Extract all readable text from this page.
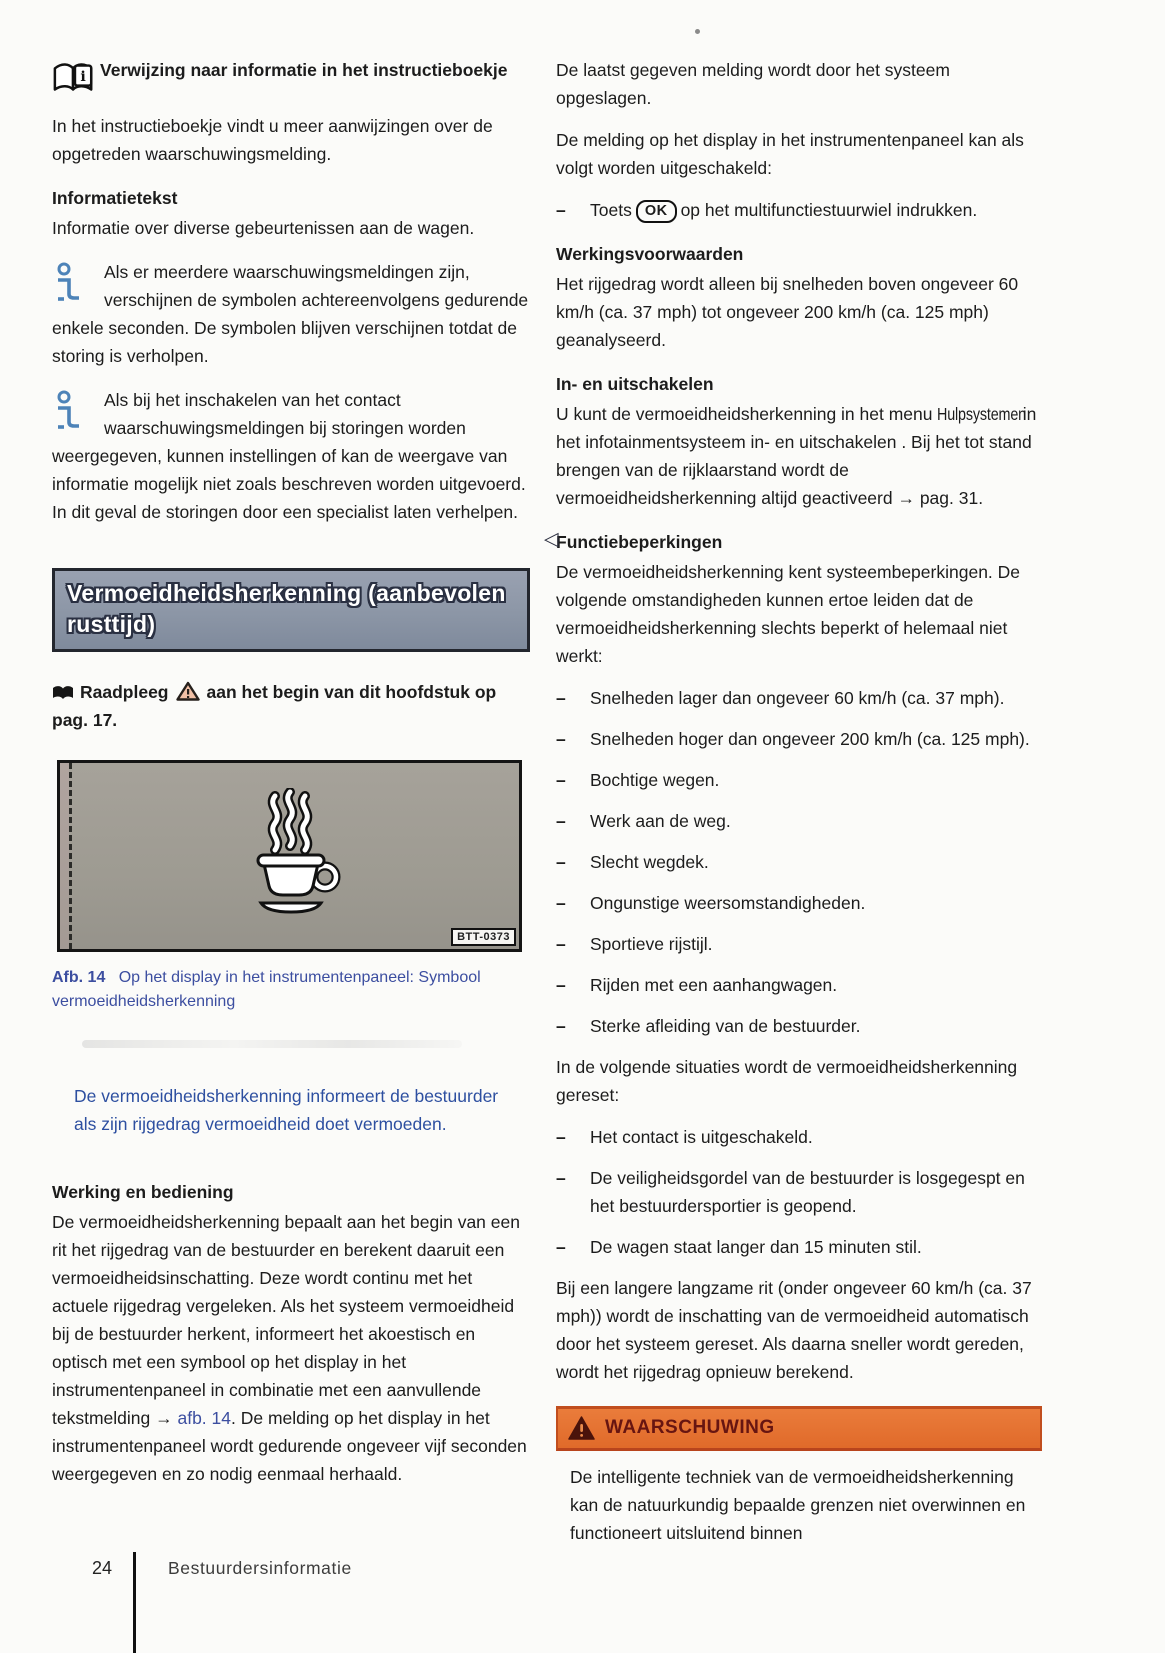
i Verwijzing naar informatie in het instructieboekje

In het instructieboekje vindt u meer aanwijzingen over de opgetreden waarschuwingsmelding.

Informatietekst

Informatie over diverse gebeurtenissen aan de wagen.

Als er meerdere waarschuwingsmeldingen zijn, verschijnen de symbolen achtereenvolgens gedurende enkele seconden. De symbolen blijven verschijnen totdat de storing is verholpen.
Als bij het inschakelen van het contact waarschuwingsmeldingen bij storingen worden weergegeven, kunnen instellingen of kan de weergave van informatie mogelijk niet zoals beschreven worden uitgevoerd. In dit geval de storingen door een specialist laten verhelpen.
Vermoeidheidsherkenning (aanbevolen rusttijd)
Raadpleeg aan het begin van dit hoofdstuk op pag. 17.
BTT-0373
Afb. 14 Op het display in het instrumentenpaneel: Symbool vermoeidheidsherkenning
De vermoeidheidsherkenning informeert de bestuurder als zijn rijgedrag vermoeidheid doet vermoeden.
Werking en bediening

De vermoeidheidsherkenning bepaalt aan het begin van een rit het rijgedrag van de bestuurder en berekent daaruit een vermoeidheidsinschatting. Deze wordt continu met het actuele rijgedrag vergeleken. Als het systeem vermoeidheid bij de bestuurder herkent, informeert het akoestisch en optisch met een symbool op het display in het instrumentenpaneel in combinatie met een aanvullende tekstmelding → afb. 14. De melding op het display in het instrumentenpaneel wordt gedurende ongeveer vijf seconden weergegeven en zo nodig eenmaal herhaald.

De laatst gegeven melding wordt door het systeem opgeslagen.

De melding op het display in het instrumentenpaneel kan als volgt worden uitgeschakeld:

–	Toets OK op het multifunctiestuurwiel indrukken.
Werkingsvoorwaarden

Het rijgedrag wordt alleen bij snelheden boven ongeveer 60 km/h (ca. 37 mph) tot ongeveer 200 km/h (ca. 125 mph) geanalyseerd.

In- en uitschakelen

U kunt de vermoeidheidsherkenning in het menu Hulpsystemen in het infotainmentsysteem in- en uitschakelen . Bij het tot stand brengen van de rijklaarstand wordt de vermoeidheidsherkenning altijd geactiveerd → pag. 31.

Functiebeperkingen

De vermoeidheidsherkenning kent systeembeperkingen. De volgende omstandigheden kunnen ertoe leiden dat de vermoeidheidsherkenning slechts beperkt of helemaal niet werkt:

–	Snelheden lager dan ongeveer 60 km/h (ca. 37 mph).
–	Snelheden hoger dan ongeveer 200 km/h (ca. 125 mph).
–	Bochtige wegen.
–	Werk aan de weg.
–	Slecht wegdek.
–	Ongunstige weersomstandigheden.
–	Sportieve rijstijl.
–	Rijden met een aanhangwagen.
–	Sterke afleiding van de bestuurder.

In de volgende situaties wordt de vermoeidheidsherkenning gereset:

–	Het contact is uitgeschakeld.
–	De veiligheidsgordel van de bestuurder is losgegespt en het bestuurdersportier is geopend.
–	De wagen staat langer dan 15 minuten stil.

Bij een langere langzame rit (onder ongeveer 60 km/h (ca. 37 mph)) wordt de inschatting van de vermoeidheid automatisch door het systeem gereset. Als daarna sneller wordt gereden, wordt het rijgedrag opnieuw berekend.

WAARSCHUWING
De intelligente techniek van de vermoeidheidsherkenning kan de natuurkundig bepaalde grenzen niet overwinnen en functioneert uitsluitend binnen
◁
24	Bestuurdersinformatie
